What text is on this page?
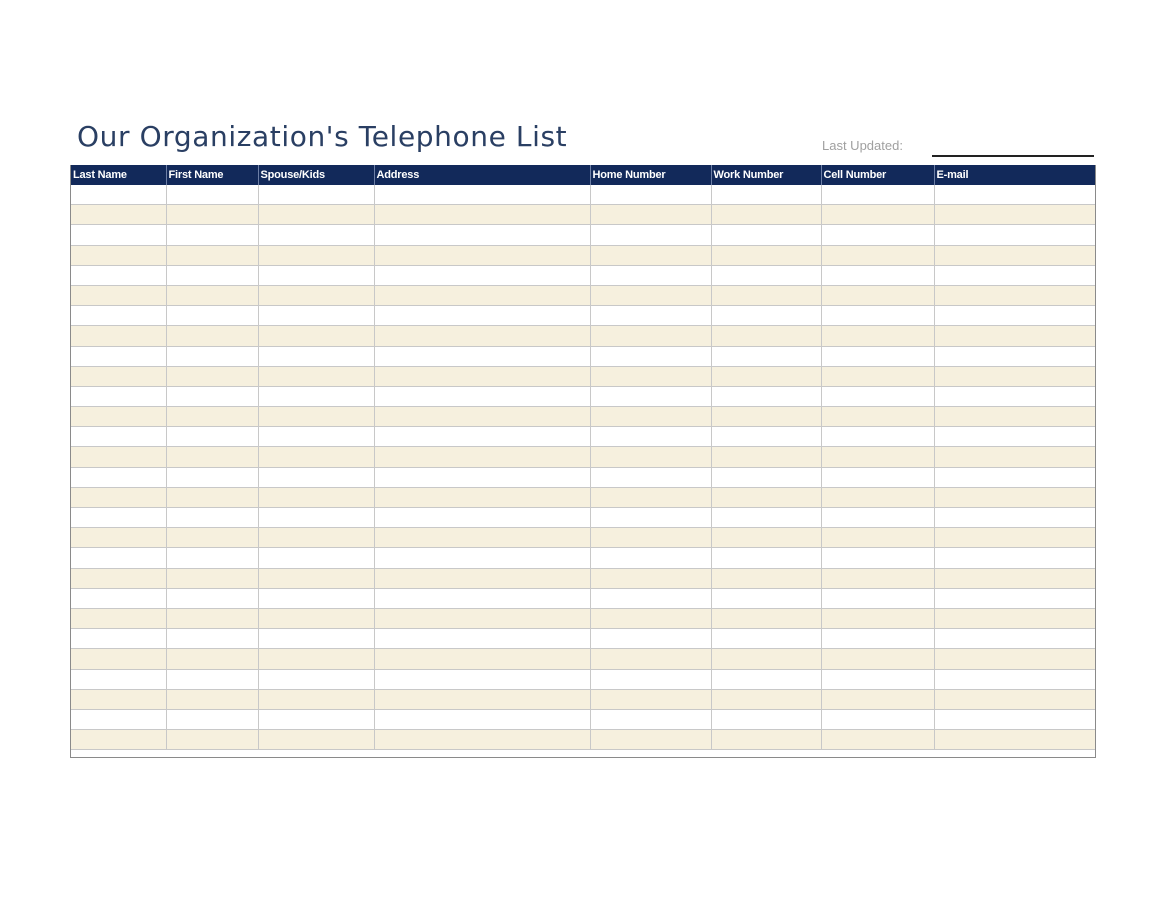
Our Organization's Telephone List	Last Updated:
Last Name	First Name	Spouse/Kids	Address	Home Number	Work Number	Cell Number	E-mail
